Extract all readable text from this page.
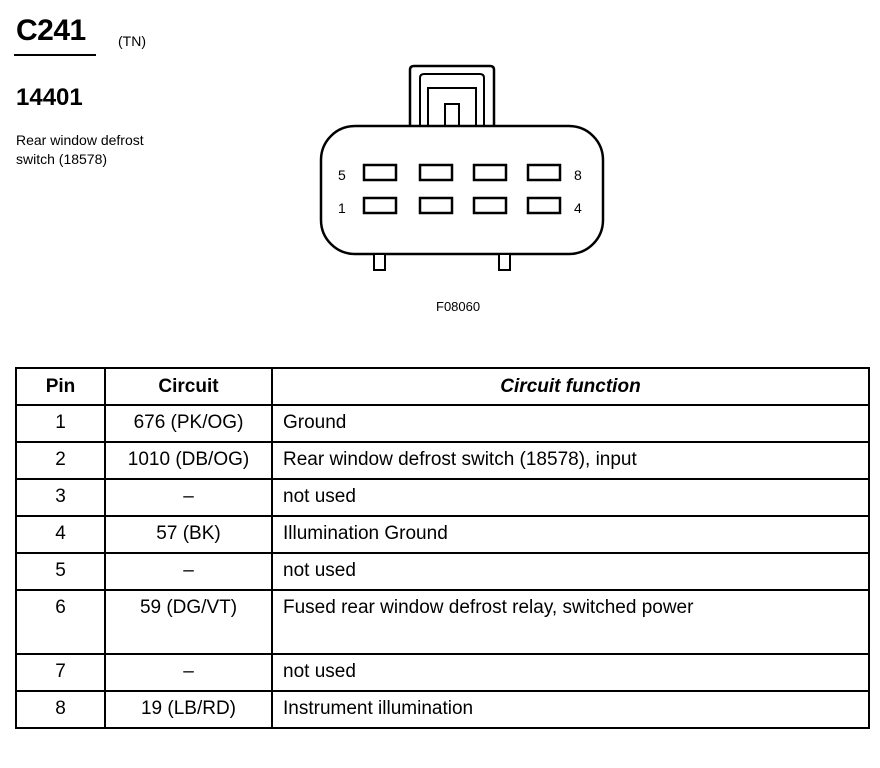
C241 (TN)
14401
Rear window defrost
switch (18578)
5	8
1	4
F08060
Pin	Circuit	Circuit function
1	676 (PK/OG)	Ground
2	1010 (DB/OG)	Rear window defrost switch (18578), input
3	–	not used
4	57 (BK)	Illumination Ground
5	–	not used
6	59 (DG/VT)	Fused rear window defrost relay, switched power
7	–	not used
8	19 (LB/RD)	Instrument illumination
